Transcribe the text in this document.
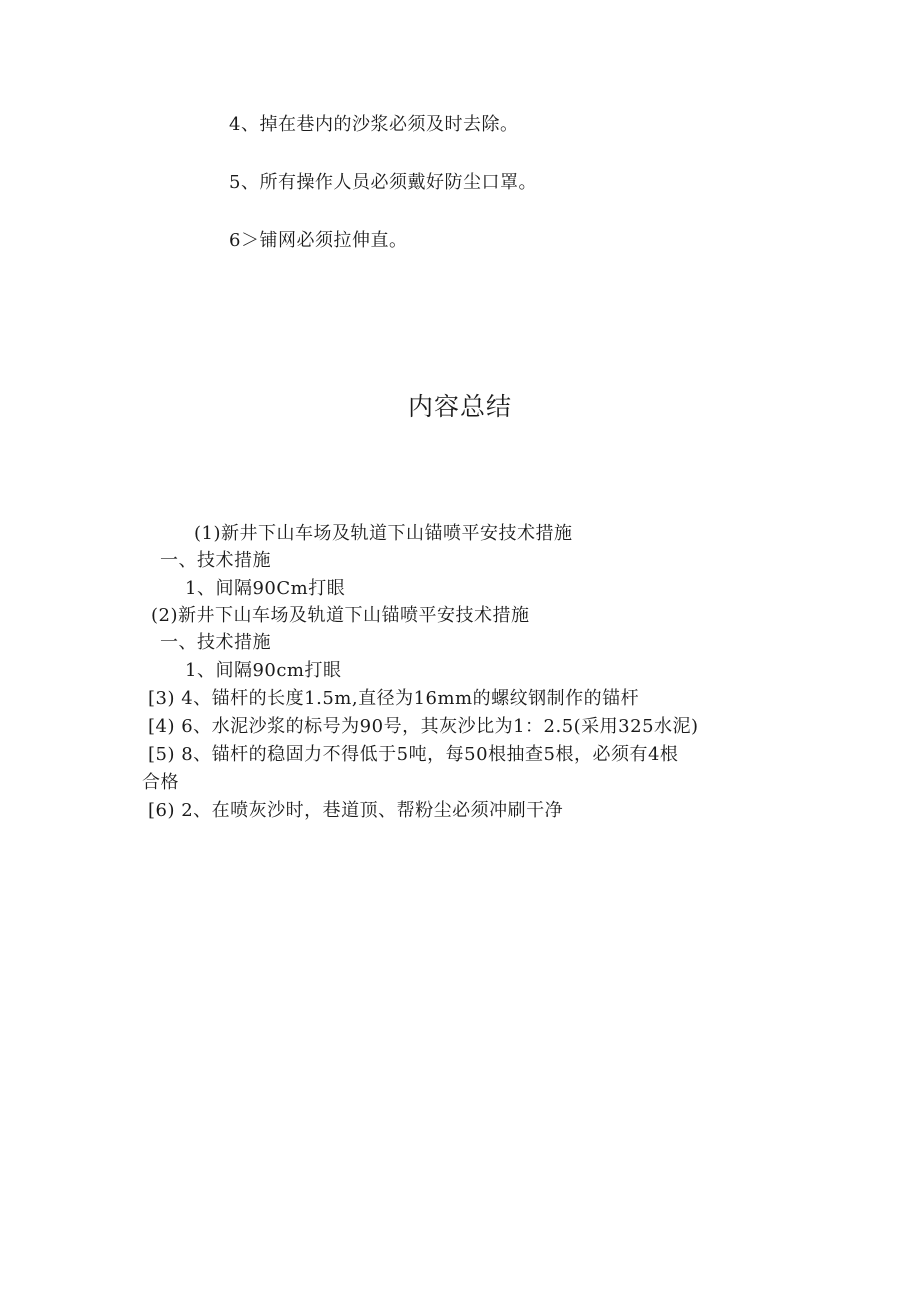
4、掉在巷内的沙浆必须及时去除。
5、所有操作人员必须戴好防尘口罩。
6＞铺网必须拉伸直。
内容总结
(1)新井下山车场及轨道下山锚喷平安技术措施
一、技术措施
1、间隔90Cm打眼
(2)新井下山车场及轨道下山锚喷平安技术措施
一、技术措施
1、间隔90cm打眼
[3) 4、锚杆的长度1.5m,直径为16mm的螺纹钢制作的锚杆
[4) 6、水泥沙浆的标号为90号，其灰沙比为1：2.5(采用325水泥)
[5) 8、锚杆的稳固力不得低于5吨，每50根抽查5根，必须有4根
合格
[6) 2、在喷灰沙时，巷道顶、帮粉尘必须冲刷干净
